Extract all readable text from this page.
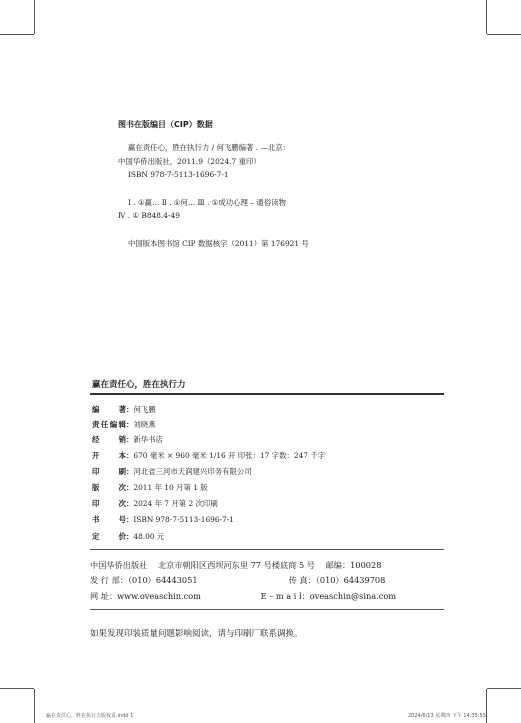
图书在版编目（CIP）数据
赢在责任心，胜在执行力 / 何飞鹏编著 . —北京：
中国华侨出版社，2011.9（2024.7 重印）
ISBN 978-7-5113-1696-7-1
Ⅰ . ①赢… Ⅱ . ①何… Ⅲ . ①成功心理 – 通俗读物
Ⅳ . ① B848.4-49
中国版本图书馆 CIP 数据核字（2011）第 176921 号
赢在责任心，胜在执行力
编 著：何飞鹏
责任编辑：刘晓燕
经 销：新华书店
开 本：670 毫米 × 960 毫米 1/16 开 印张：17 字数：247 千字
印 刷：河北省三河市天润建兴印务有限公司
版 次：2011 年 10 月第 1 版
印 次：2024 年 7 月第 2 次印刷
书 号：ISBN 978-7-5113-1696-7-1
定 价：48.00 元
中国华侨出版社 北京市朝阳区西坝河东里 77 号楼底商 5 号 邮编：100028
发 行 部：（010）64443051	传 真：（010）64439708
网 址：www.oveaschin.com	E – m a i l：oveaschin@sina.com
如果发现印装质量问题影响阅读，请与印刷厂联系调换。
赢在责任心，胜在执行力版权页.indd 1	2024/6/13 星期四 下午 14:35:53
